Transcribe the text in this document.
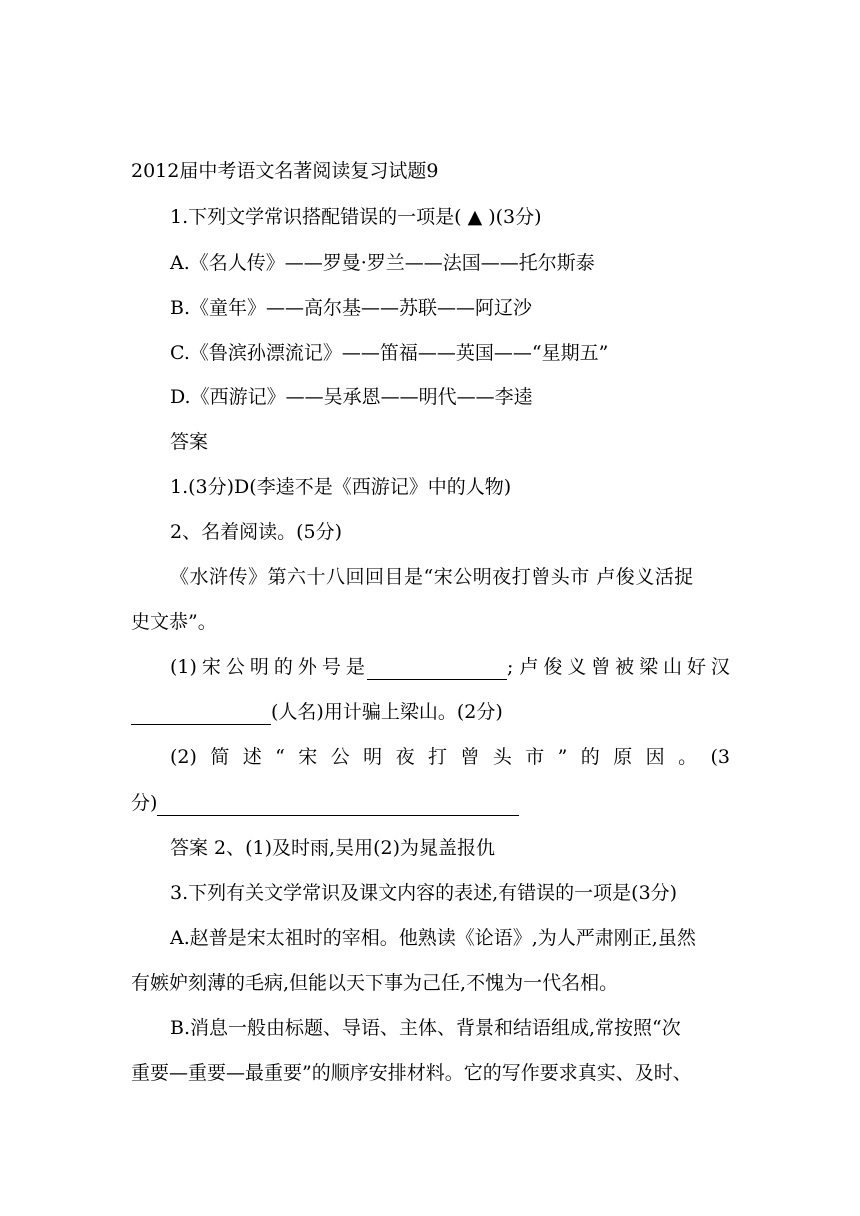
2012届中考语文名著阅读复习试题9
1.下列文学常识搭配错误的一项是( ▲ )(3分)
A.《名人传》——罗曼·罗兰——法国——托尔斯泰
B.《童年》——高尔基——苏联——阿辽沙
C.《鲁滨孙漂流记》——笛福——英国——“星期五”
D.《西游记》——吴承恩——明代——李逵
答案
1.(3分)D(李逵不是《西游记》中的人物)
2、名着阅读。(5分)
《水浒传》第六十八回回目是“宋公明夜打曾头市 卢俊义活捉
史文恭”。
(1) 宋 公 明 的 外 号 是	; 卢 俊 义 曾 被 梁 山 好 汉
(人名)用计骗上梁山。(2分)
(2) 简 述 “ 宋 公 明 夜 打 曾 头 市 ” 的 原 因 。 (3
分)
答案 2、(1)及时雨,吴用(2)为晁盖报仇
3.下列有关文学常识及课文内容的表述,有错误的一项是(3分)
A.赵普是宋太祖时的宰相。他熟读《论语》,为人严肃刚正,虽然
有嫉妒刻薄的毛病,但能以天下事为己任,不愧为一代名相。
B.消息一般由标题、导语、主体、背景和结语组成,常按照“次
重要—重要—最重要”的顺序安排材料。它的写作要求真实、及时、
